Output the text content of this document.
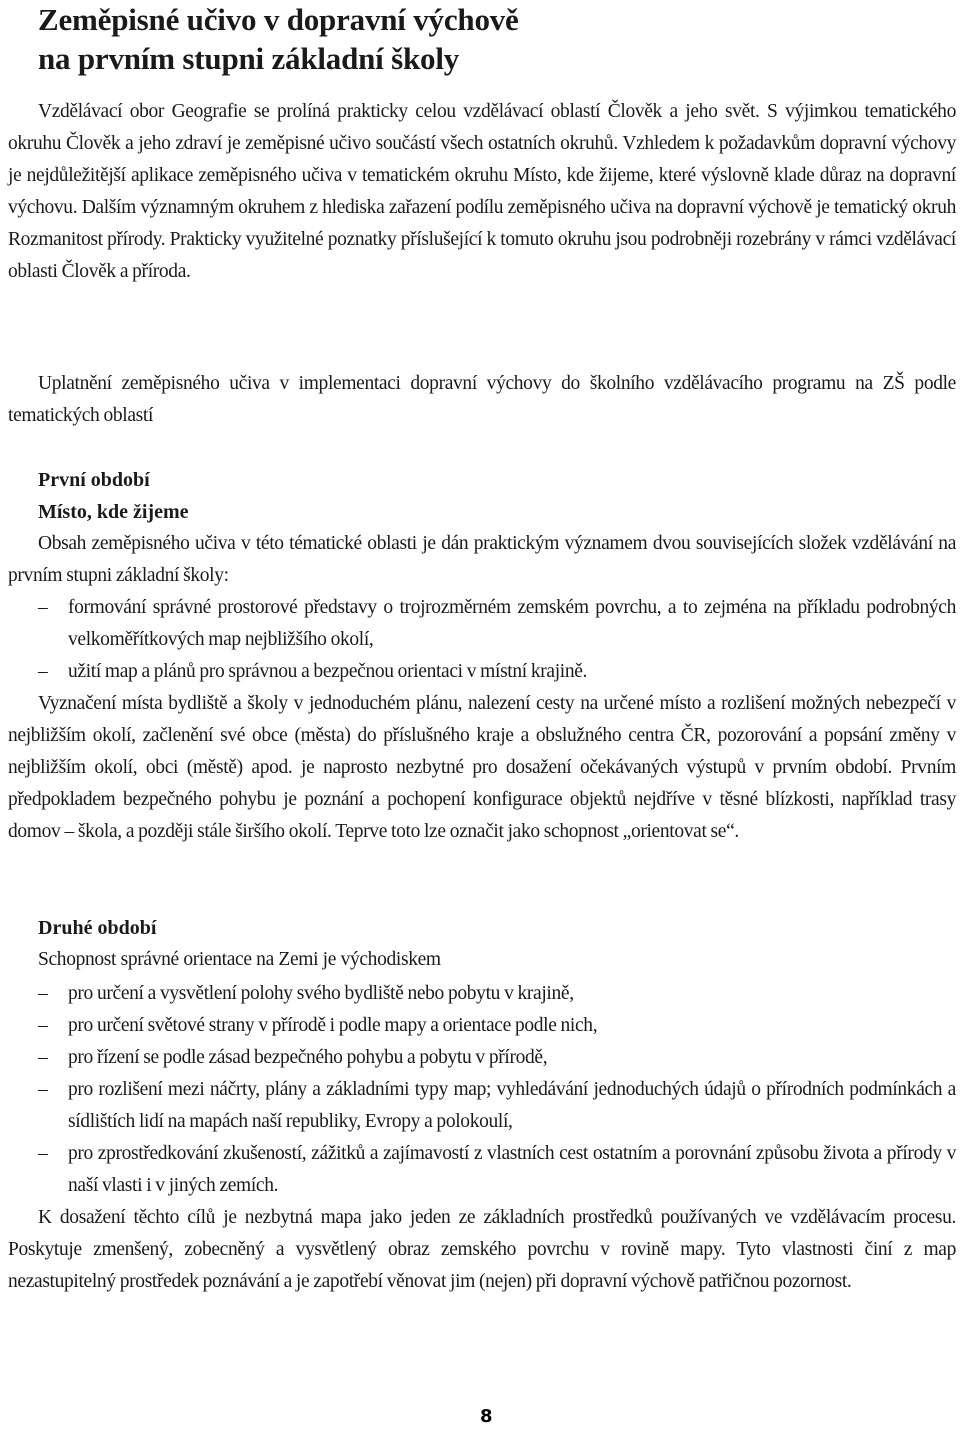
Zeměpisné učivo v dopravní výchově
na prvním stupni základní školy

Vzdělávací obor Geografie se prolíná prakticky celou vzdělávací oblastí Člověk a jeho svět. S výjimkou tematického okruhu Člověk a jeho zdraví je zeměpisné učivo součástí všech ostatních okruhů. Vzhledem k požadavkům dopravní výchovy je nejdůležitější aplikace zeměpisného učiva v tematickém okruhu Místo, kde žijeme, které výslovně klade důraz na dopravní výchovu. Dalším významným okruhem z hlediska zařazení podílu zeměpisného učiva na dopravní výchově je tematický okruh Rozmanitost přírody. Prakticky využitelné poznatky příslušející k tomuto okruhu jsou podrobněji rozebrány v rámci vzdělávací oblasti Člověk a příroda.

Uplatnění zeměpisného učiva v implementaci dopravní výchovy do školního vzdělávacího programu na ZŠ podle tematických oblastí

První období
Místo, kde žijeme

Obsah zeměpisného učiva v této tématické oblasti je dán praktickým významem dvou souvisejících složek vzdělávání na prvním stupni základní školy:

– formování správné prostorové představy o trojrozměrném zemském povrchu, a to zejména na příkladu podrobných velkoměřítkových map nejbližšího okolí,
– užití map a plánů pro správnou a bezpečnou orientaci v místní krajině.

Vyznačení místa bydliště a školy v jednoduchém plánu, nalezení cesty na určené místo a rozlišení možných nebezpečí v nejbližším okolí, začlenění své obce (města) do příslušného kraje a obslužného centra ČR, pozorování a popsání změny v nejbližším okolí, obci (městě) apod. je naprosto nezbytné pro dosažení očekávaných výstupů v prvním období. Prvním předpokladem bezpečného pohybu je poznání a pochopení konfigurace objektů nejdříve v těsné blízkosti, například trasy domov – škola, a později stále širšího okolí. Teprve toto lze označit jako schopnost „orientovat se“.

Druhé období
Schopnost správné orientace na Zemi je východiskem
– pro určení a vysvětlení polohy svého bydliště nebo pobytu v krajině,
– pro určení světové strany v přírodě i podle mapy a orientace podle nich,
– pro řízení se podle zásad bezpečného pohybu a pobytu v přírodě,
– pro rozlišení mezi náčrty, plány a základními typy map; vyhledávání jednoduchých údajů o přírodních podmínkách a sídlištích lidí na mapách naší republiky, Evropy a polokoulí,
– pro zprostředkování zkušeností, zážitků a zajímavostí z vlastních cest ostatním a porovnání způsobu života a přírody v naší vlasti i v jiných zemích.

K dosažení těchto cílů je nezbytná mapa jako jeden ze základních prostředků používaných ve vzdělávacím procesu. Poskytuje zmenšený, zobecněný a vysvětlený obraz zemského povrchu v rovině mapy. Tyto vlastnosti činí z map nezastupitelný prostředek poznávání a je zapotřebí věnovat jim (nejen) při dopravní výchově patřičnou pozornost.

8
